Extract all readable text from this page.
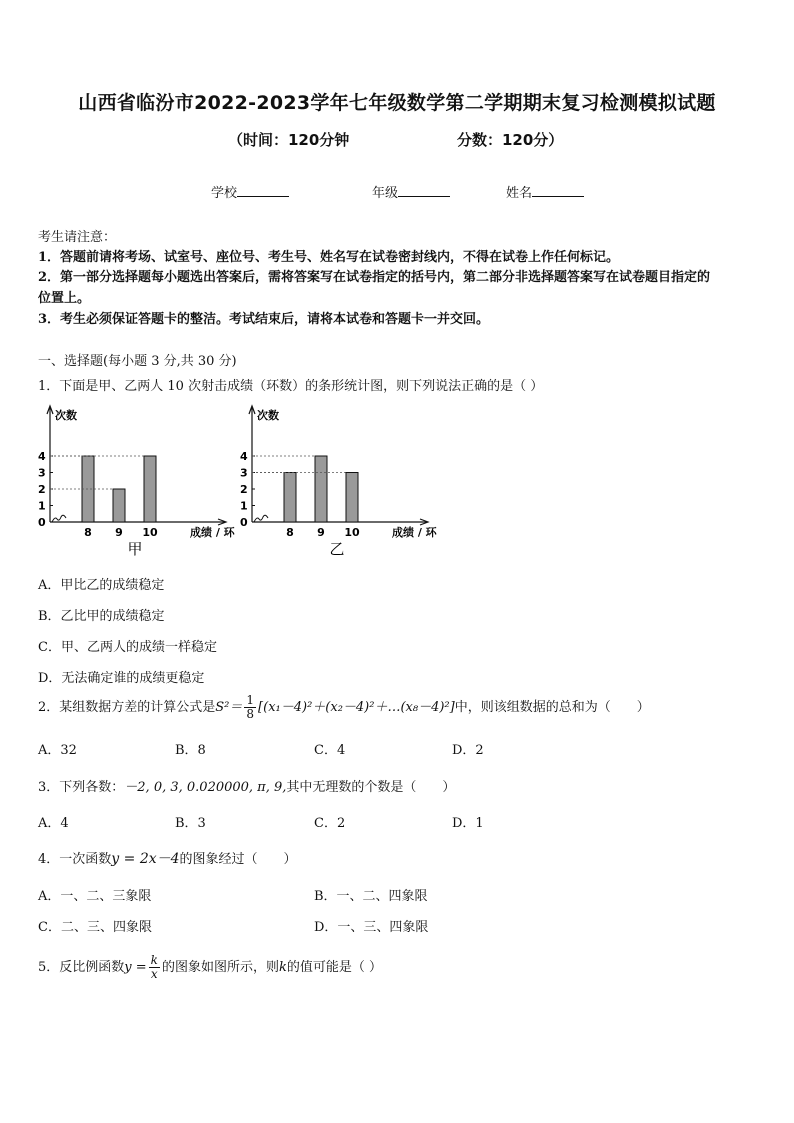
山西省临汾市2022-2023学年七年级数学第二学期期末复习检测模拟试题
（时间：120分钟	分数：120分）
学校	年级	姓名
考生请注意：
1．答题前请将考场、试室号、座位号、考生号、姓名写在试卷密封线内，不得在试卷上作任何标记。
2．第一部分选择题每小题选出答案后，需将答案写在试卷指定的括号内，第二部分非选择题答案写在试卷题目指定的
位置上。
3．考生必须保证答题卡的整洁。考试结束后，请将本试卷和答题卡一并交回。
一、选择题(每小题 3 分,共 30 分)
1．下面是甲、乙两人 10 次射击成绩（环数）的条形统计图，则下列说法正确的是（ ）
次数
0
1
2
3
4
8 9 10	成绩 / 环
甲
次数
0
1
2
3
4
8 9 10	成绩 / 环
乙
A．甲比乙的成绩稳定
B．乙比甲的成绩稳定
C．甲、乙两人的成绩一样稳定
D．无法确定谁的成绩更稳定
2．某组数据方差的计算公式是$S^2= \frac{1}{8}$ [(x₁－4)²＋(x₂－4)²＋…(x₈－4)²]中，则该组数据的总和为（　　）
A．32	B．8	C．4	D．2
3．下列各数：－2, 0, 3, 0.020000, π, 9,其中无理数的个数是（　　）
A．4	B．3	C．2	D．1
4．一次函数y = 2x－4的图象经过（　　）
A．一、二、三象限	B．一、二、四象限
C．二、三、四象限	D．一、三、四象限
5．反比例函数$y = \frac{k}{x}$ 的图象如图所示，则k的值可能是（ ）
